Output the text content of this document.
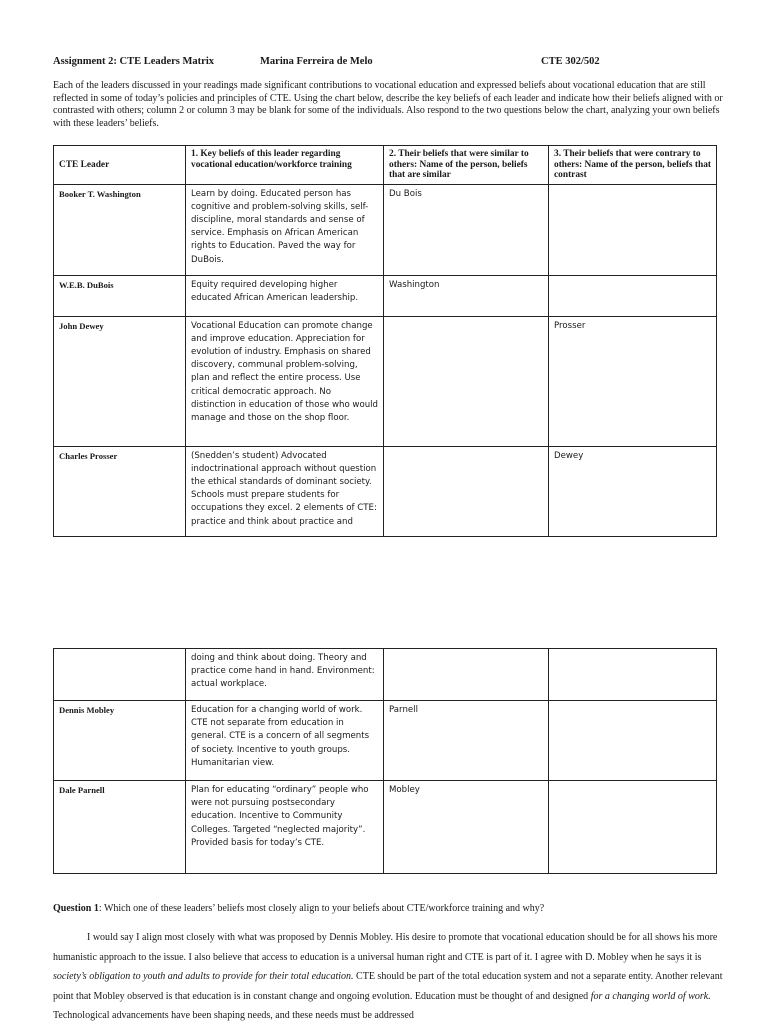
Assignment 2: CTE Leaders Matrix	Marina Ferreira de Melo	CTE 302/502
Each of the leaders discussed in your readings made significant contributions to vocational education and expressed beliefs about vocational education that are still reflected in some of today’s policies and principles of CTE. Using the chart below, describe the key beliefs of each leader and indicate how their beliefs aligned with or contrasted with others; column 2 or column 3 may be blank for some of the individuals. Also respond to the two questions below the chart, analyzing your own beliefs with these leaders’ beliefs.
CTE Leader	1. Key beliefs of this leader regarding vocational education/workforce training	2. Their beliefs that were similar to others: Name of the person, beliefs that are similar	3. Their beliefs that were contrary to others: Name of the person, beliefs that contrast
Booker T. Washington	Learn by doing. Educated person has cognitive and problem-solving skills, self-discipline, moral standards and sense of service. Emphasis on African American rights to Education. Paved the way for DuBois.	Du Bois	
W.E.B. DuBois	Equity required developing higher educated African American leadership.	Washington	
John Dewey	Vocational Education can promote change and improve education. Appreciation for evolution of industry. Emphasis on shared discovery, communal problem-solving, plan and reflect the entire process. Use critical democratic approach. No distinction in education of those who would manage and those on the shop floor.		Prosser
Charles Prosser	(Snedden’s student) Advocated indoctrinational approach without question the ethical standards of dominant society. Schools must prepare students for occupations they excel. 2 elements of CTE: practice and think about practice and		Dewey
	doing and think about doing. Theory and practice come hand in hand. Environment: actual workplace.		
Dennis Mobley	Education for a changing world of work. CTE not separate from education in general. CTE is a concern of all segments of society. Incentive to youth groups. Humanitarian view.	Parnell	
Dale Parnell	Plan for educating “ordinary” people who were not pursuing postsecondary education. Incentive to Community Colleges. Targeted “neglected majority”. Provided basis for today’s CTE.	Mobley	
Question 1: Which one of these leaders’ beliefs most closely align to your beliefs about CTE/workforce training and why?
I would say I align most closely with what was proposed by Dennis Mobley. His desire to promote that vocational education should be for all shows his more humanistic approach to the issue. I also believe that access to education is a universal human right and CTE is part of it. I agree with D. Mobley when he says it is society’s obligation to youth and adults to provide for their total education. CTE should be part of the total education system and not a separate entity. Another relevant point that Mobley observed is that education is in constant change and ongoing evolution. Education must be thought of and designed for a changing world of work. Technological advancements have been shaping needs, and these needs must be addressed
